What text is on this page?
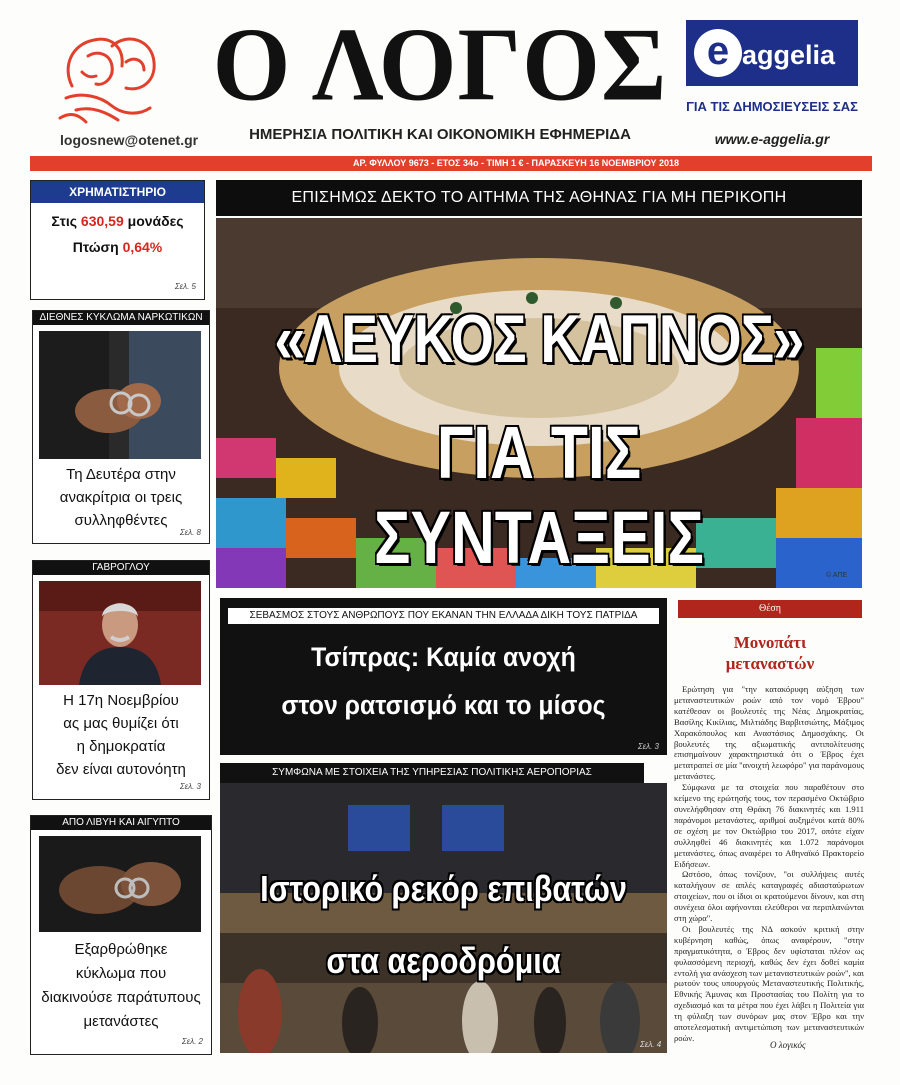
logosnew@otenet.gr
Ο ΛΟΓΟΣ
ΗΜΕΡΗΣΙΑ ΠΟΛΙΤΙΚΗ ΚΑΙ ΟΙΚΟΝΟΜΙΚΗ ΕΦΗΜΕΡΙΔΑ
e aggelia
ΓΙΑ ΤΙΣ ΔΗΜΟΣΙΕΥΣΕΙΣ ΣΑΣ
www.e-aggelia.gr
ΑΡ. ΦΥΛΛΟΥ 9673 - ΕΤΟΣ 34ο - ΤΙΜΗ 1 € - ΠΑΡΑΣΚΕΥΗ 16 ΝΟΕΜΒΡΙΟΥ 2018
ΧΡΗΜΑΤΙΣΤΗΡΙΟ
Στις 630,59 μονάδες
Πτώση 0,64%
Σελ. 5
ΔΙΕΘΝΕΣ ΚΥΚΛΩΜΑ ΝΑΡΚΩΤΙΚΩΝ
Τη Δευτέρα στην
ανακρίτρια οι τρεις
συλληφθέντες
Σελ. 8
ΓΑΒΡΟΓΛΟΥ
Η 17η Νοεμβρίου
ας μας θυμίζει ότι
η δημοκρατία
δεν είναι αυτονόητη
Σελ. 3
ΑΠΟ ΛΙΒΥΗ ΚΑΙ ΑΙΓΥΠΤΟ
Εξαρθρώθηκε
κύκλωμα που
διακινούσε παράτυπους
μετανάστες
Σελ. 2
ΕΠΙΣΗΜΩΣ ΔΕΚΤΟ ΤΟ ΑΙΤΗΜΑ ΤΗΣ ΑΘΗΝΑΣ ΓΙΑ ΜΗ ΠΕΡΙΚΟΠΗ
«ΛΕΥΚΟΣ ΚΑΠΝΟΣ»
ΓΙΑ ΤΙΣ ΣΥΝΤΑΞΕΙΣ	© ΑΠΕ
ΣΕΒΑΣΜΟΣ ΣΤΟΥΣ ΑΝΘΡΩΠΟΥΣ ΠΟΥ ΕΚΑΝΑΝ ΤΗΝ ΕΛΛΑΔΑ ΔΙΚΗ ΤΟΥΣ ΠΑΤΡΙΔΑ
Τσίπρας: Καμία ανοχή
στον ρατσισμό και το μίσος
Σελ. 3
ΣΥΜΦΩΝΑ ΜΕ ΣΤΟΙΧΕΙΑ ΤΗΣ ΥΠΗΡΕΣΙΑΣ ΠΟΛΙΤΙΚΗΣ ΑΕΡΟΠΟΡΙΑΣ
Ιστορικό ρεκόρ επιβατών
στα αεροδρόμια
Σελ. 4
Θέση
Μονοπάτι
μεταναστών

Ερώτηση για "την κατακόρυφη αύξηση των μεταναστευτικών ροών από τον νομό Έβρου" κατέθεσαν οι βουλευτές της Νέας Δημοκρατίας, Βασίλης Κικίλιας, Μιλτιάδης Βαρβιτσιώτης, Μάξιμος Χαρακόπουλος και Αναστάσιος Δημοσχάκης. Οι βουλευτές της αξιωματικής αντιπολίτευσης επισημαίνουν χαρακτηριστικά ότι ο Έβρος έχει μετατραπεί σε μία "ανοιχτή λεωφόρο" για παράνομους μετανάστες.

Σύμφωνα με τα στοιχεία που παραθέτουν στο κείμενο της ερώτησής τους, τον περασμένο Οκτώβριο συνελήφθησαν στη Θράκη 76 διακινητές και 1.911 παράνομοι μετανάστες, αριθμοί αυξημένοι κατά 80% σε σχέση με τον Οκτώβριο του 2017, οπότε είχαν συλληφθεί 46 διακινητές και 1.072 παράνομοι μετανάστες, όπως αναφέρει το Αθηναϊκό Πρακτορείο Ειδήσεων.

Ωστόσο, όπως τονίζουν, "οι συλλήψεις αυτές καταλήγουν σε απλές καταγραφές αδιασταύρωτων στοιχείων, που οι ίδιοι οι κρατούμενοι δίνουν, και στη συνέχεια όλοι αφήνονται ελεύθεροι να περιπλανώνται στη χώρα".

Οι βουλευτές της ΝΔ ασκούν κριτική στην κυβέρνηση καθώς, όπως αναφέρουν, "στην πραγματικότητα, ο Έβρος δεν υφίσταται πλέον ως φυλασσόμενη περιοχή, καθώς δεν έχει δοθεί καμία εντολή για ανάσχεση των μεταναστευτικών ροών", και ρωτούν τους υπουργούς Μεταναστευτικής Πολιτικής, Εθνικής Άμυνας και Προστασίας του Πολίτη για το σχεδιασμό και τα μέτρα που έχει λάβει η Πολιτεία για τη φύλαξη των συνόρων μας στον Έβρο και την αποτελεσματική αντιμετώπιση των μεταναστευτικών ροών.

Ο λογικός
